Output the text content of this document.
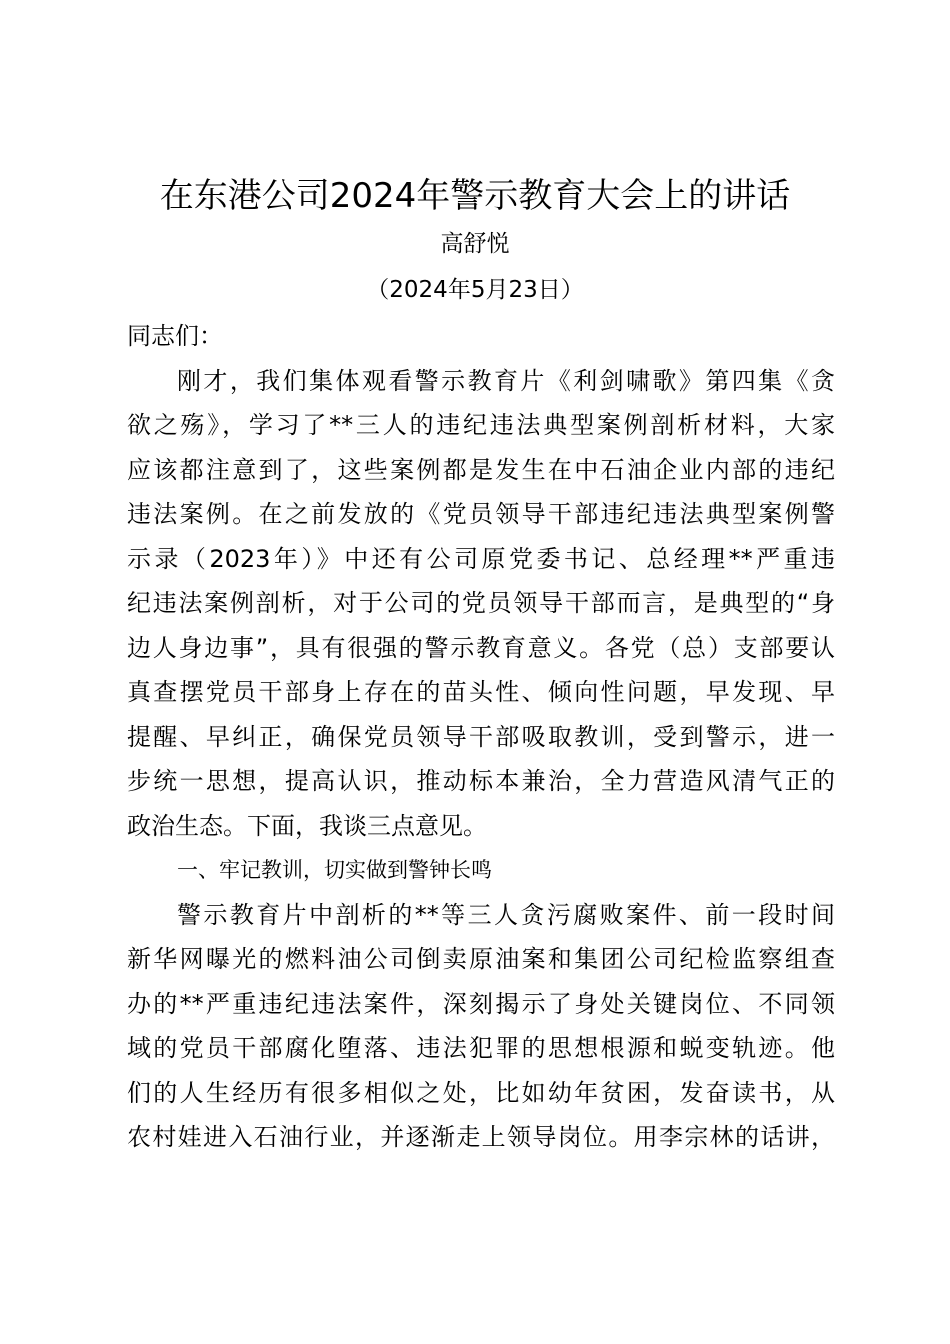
在东港公司2024年警示教育大会上的讲话
高舒悦
（2024年5月23日）
同志们：
刚才，我们集体观看警示教育片《利剑啸歌》第四集《贪
欲之殇》，学习了**三人的违纪违法典型案例剖析材料，大家
应该都注意到了，这些案例都是发生在中石油企业内部的违纪
违法案例。在之前发放的《党员领导干部违纪违法典型案例警
示录（2023年）》中还有公司原党委书记、总经理**严重违
纪违法案例剖析，对于公司的党员领导干部而言，是典型的“身
边人身边事”，具有很强的警示教育意义。各党（总）支部要认
真查摆党员干部身上存在的苗头性、倾向性问题，早发现、早
提醒、早纠正，确保党员领导干部吸取教训，受到警示，进一
步统一思想，提高认识，推动标本兼治，全力营造风清气正的
政治生态。下面，我谈三点意见。
一、牢记教训，切实做到警钟长鸣
警示教育片中剖析的**等三人贪污腐败案件、前一段时间
新华网曝光的燃料油公司倒卖原油案和集团公司纪检监察组查
办的**严重违纪违法案件，深刻揭示了身处关键岗位、不同领
域的党员干部腐化堕落、违法犯罪的思想根源和蜕变轨迹。他
们的人生经历有很多相似之处，比如幼年贫困，发奋读书，从
农村娃进入石油行业，并逐渐走上领导岗位。用李宗林的话讲，
